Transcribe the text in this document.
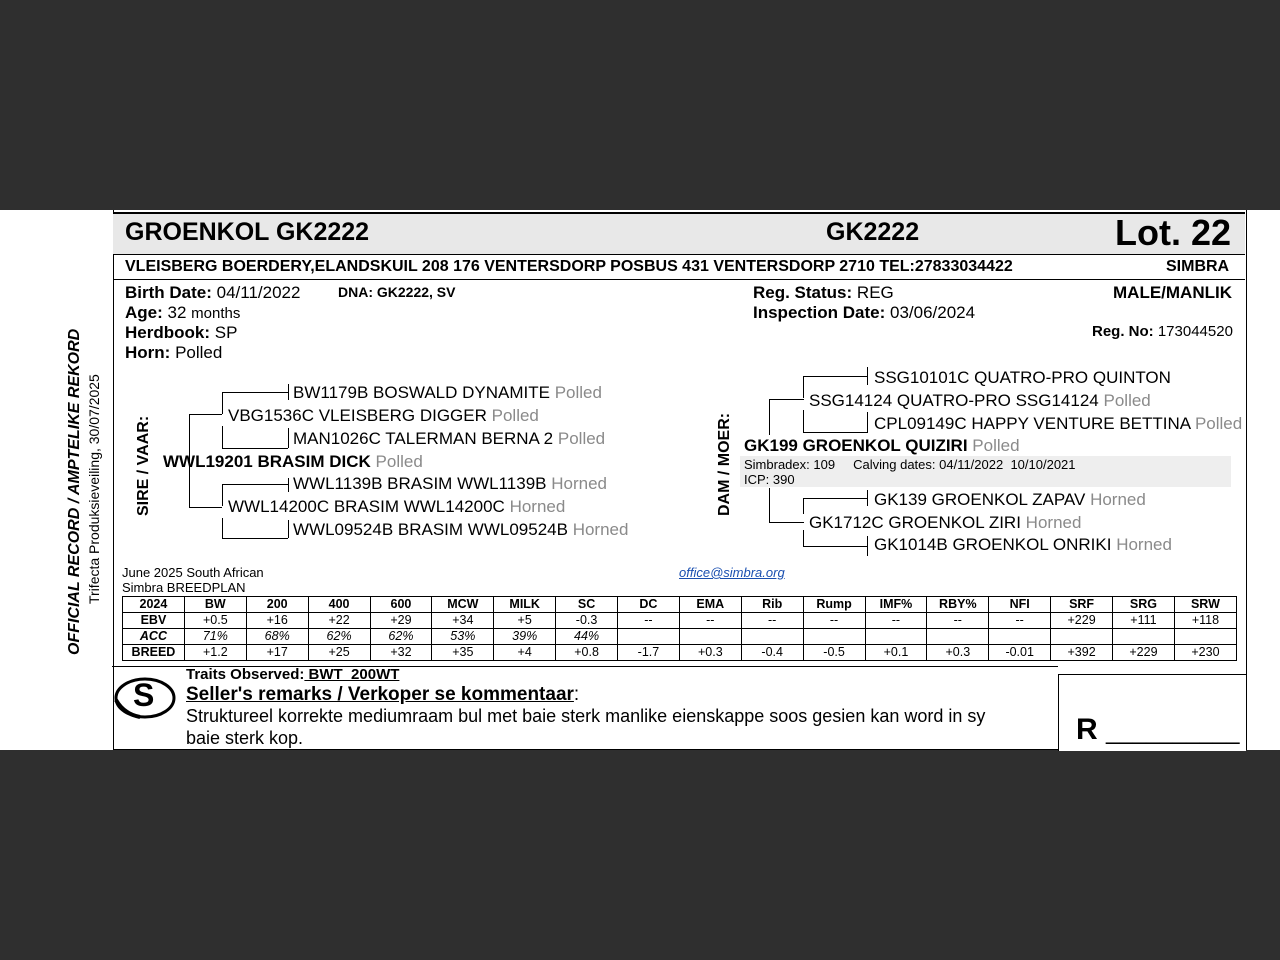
OFFICIAL RECORD / AMPTELIKE REKORD Trifecta Produksieveiling, 30/07/2025
GROENKOL GK2222	GK2222	Lot. 22
VLEISBERG BOERDERY,ELANDSKUIL 208 176 VENTERSDORP POSBUS 431 VENTERSDORP 2710 TEL:27833034422	SIMBRA
Birth Date: 04/11/2022	DNA: GK2222, SV
Age: 32 months
Herdbook: SP
Horn: Polled
Reg. Status: REG
Inspection Date: 03/06/2024
MALE/MANLIK
Reg. No: 173044520
SIRE / VAAR:
BW1179B BOSWALD DYNAMITE Polled
VBG1536C VLEISBERG DIGGER Polled
MAN1026C TALERMAN BERNA 2 Polled
WWL19201 BRASIM DICK Polled
WWL1139B BRASIM WWL1139B Horned
WWL14200C BRASIM WWL14200C Horned
WWL09524B BRASIM WWL09524B Horned
DAM / MOER:
SSG10101C QUATRO-PRO QUINTON
SSG14124 QUATRO-PRO SSG14124 Polled
CPL09149C HAPPY VENTURE BETTINA Polled
GK199 GROENKOL QUIZIRI Polled
Simbradex: 109 Calving dates: 04/11/2022  10/10/2021
ICP: 390
GK139 GROENKOL ZAPAV Horned
GK1712C GROENKOL ZIRI Horned
GK1014B GROENKOL ONRIKI Horned
June 2025 South African
Simbra BREEDPLAN
office@simbra.org
2024	BW	200	400	600	MCW	MILK	SC	DC	EMA	Rib	Rump	IMF%	RBY%	NFI	SRF	SRG	SRW
EBV	+0.5	+16	+22	+29	+34	+5	-0.3	--	--	--	--	--	--	--	+229	+111	+118
ACC	71%	68%	62%	62%	53%	39%	44%										
BREED	+1.2	+17	+25	+32	+35	+4	+0.8	-1.7	+0.3	-0.4	-0.5	+0.1	+0.3	-0.01	+392	+229	+230
S
Traits Observed: BWT  200WT
Seller's remarks / Verkoper se kommentaar:
Struktureel korrekte mediumraam bul met baie sterk manlike eienskappe soos gesien kan word in sy
baie sterk kop.	R __________
